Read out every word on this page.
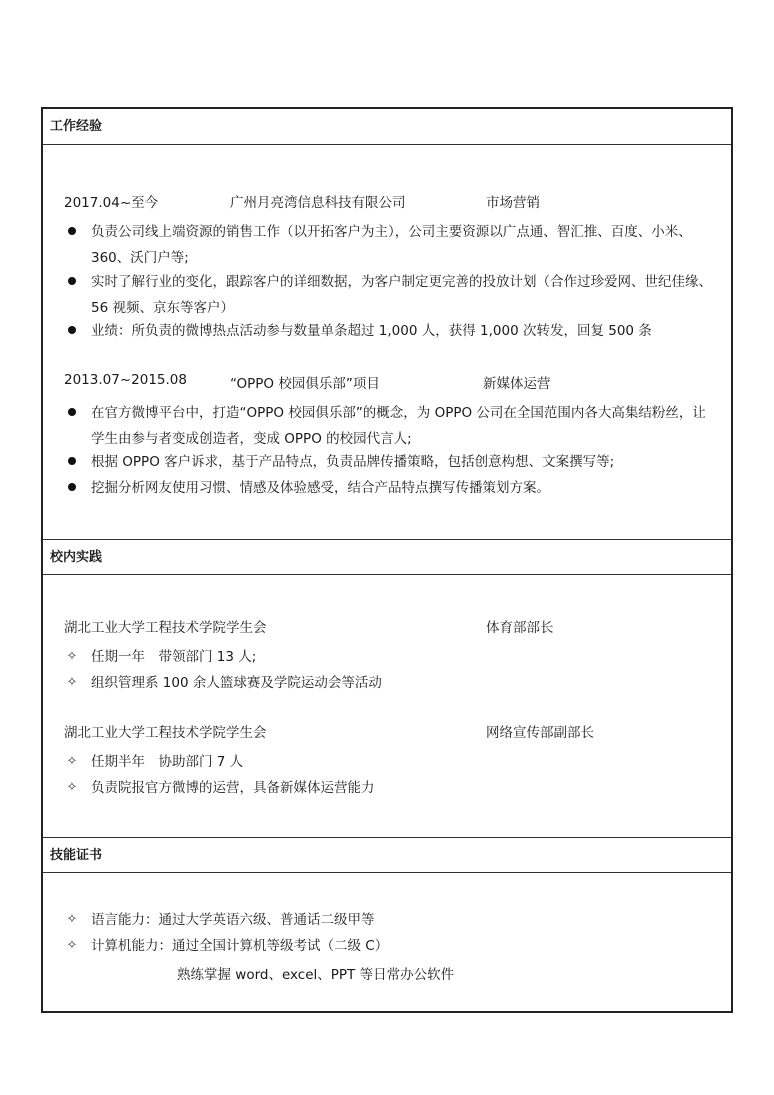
工作经验
2017.04~至今	广州月亮湾信息科技有限公司	市场营销
负责公司线上端资源的销售工作（以开拓客户为主），公司主要资源以广点通、智汇推、百度、小米、360、沃门户等;
实时了解行业的变化，跟踪客户的详细数据，为客户制定更完善的投放计划（合作过珍爱网、世纪佳缘、56 视频、京东等客户）
业绩：所负责的微博热点活动参与数量单条超过 1,000 人，获得 1,000 次转发，回复 500 条
2013.07~2015.08	“OPPO 校园俱乐部”项目	新媒体运营
在官方微博平台中，打造“OPPO 校园俱乐部”的概念，为 OPPO 公司在全国范围内各大高集结粉丝，让学生由参与者变成创造者，变成 OPPO 的校园代言人;
根据 OPPO 客户诉求，基于产品特点，负责品牌传播策略，包括创意构想、文案撰写等;
挖掘分析网友使用习惯、情感及体验感受，结合产品特点撰写传播策划方案。
校内实践
湖北工业大学工程技术学院学生会	体育部部长
✧ 任期一年　带领部门 13 人;
✧ 组织管理系 100 余人篮球赛及学院运动会等活动
湖北工业大学工程技术学院学生会	网络宣传部副部长
✧ 任期半年　协助部门 7 人
✧ 负责院报官方微博的运营，具备新媒体运营能力
技能证书
✧ 语言能力：通过大学英语六级、普通话二级甲等
✧ 计算机能力：通过全国计算机等级考试（二级 C）
熟练掌握 word、excel、PPT 等日常办公软件
